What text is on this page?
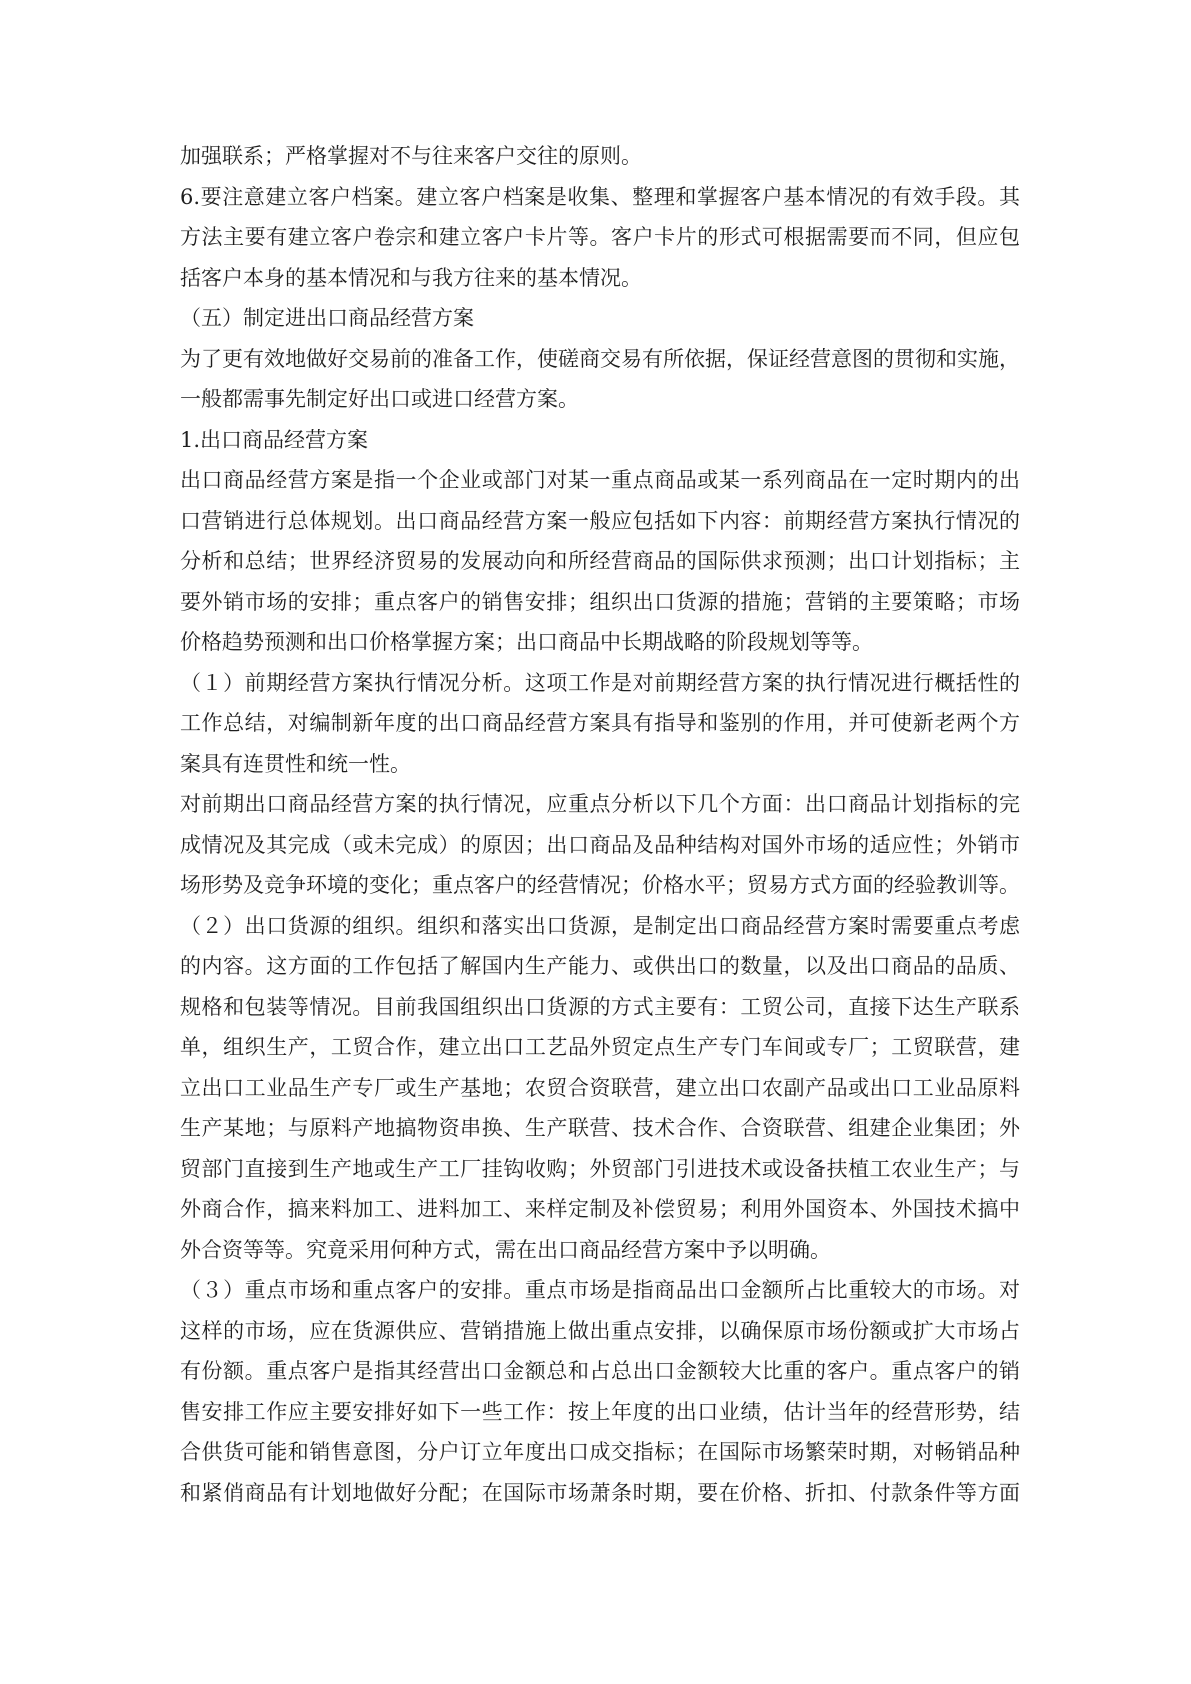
加强联系；严格掌握对不与往来客户交往的原则。
6.要注意建立客户档案。建立客户档案是收集、整理和掌握客户基本情况的有效手段。其
方法主要有建立客户卷宗和建立客户卡片等。客户卡片的形式可根据需要而不同，但应包
括客户本身的基本情况和与我方往来的基本情况。
（五）制定进出口商品经营方案
为了更有效地做好交易前的准备工作，使磋商交易有所依据，保证经营意图的贯彻和实施，
一般都需事先制定好出口或进口经营方案。
1.出口商品经营方案
出口商品经营方案是指一个企业或部门对某一重点商品或某一系列商品在一定时期内的出
口营销进行总体规划。出口商品经营方案一般应包括如下内容：前期经营方案执行情况的
分析和总结；世界经济贸易的发展动向和所经营商品的国际供求预测；出口计划指标；主
要外销市场的安排；重点客户的销售安排；组织出口货源的措施；营销的主要策略；市场
价格趋势预测和出口价格掌握方案；出口商品中长期战略的阶段规划等等。
（１）前期经营方案执行情况分析。这项工作是对前期经营方案的执行情况进行概括性的
工作总结，对编制新年度的出口商品经营方案具有指导和鉴别的作用，并可使新老两个方
案具有连贯性和统一性。
对前期出口商品经营方案的执行情况，应重点分析以下几个方面：出口商品计划指标的完
成情况及其完成（或未完成）的原因；出口商品及品种结构对国外市场的适应性；外销市
场形势及竞争环境的变化；重点客户的经营情况；价格水平；贸易方式方面的经验教训等。
（２）出口货源的组织。组织和落实出口货源，是制定出口商品经营方案时需要重点考虑
的内容。这方面的工作包括了解国内生产能力、或供出口的数量，以及出口商品的品质、
规格和包装等情况。目前我国组织出口货源的方式主要有：工贸公司，直接下达生产联系
单，组织生产，工贸合作，建立出口工艺品外贸定点生产专门车间或专厂；工贸联营，建
立出口工业品生产专厂或生产基地；农贸合资联营，建立出口农副产品或出口工业品原料
生产某地；与原料产地搞物资串换、生产联营、技术合作、合资联营、组建企业集团；外
贸部门直接到生产地或生产工厂挂钩收购；外贸部门引进技术或设备扶植工农业生产；与
外商合作，搞来料加工、进料加工、来样定制及补偿贸易；利用外国资本、外国技术搞中
外合资等等。究竟采用何种方式，需在出口商品经营方案中予以明确。
（３）重点市场和重点客户的安排。重点市场是指商品出口金额所占比重较大的市场。对
这样的市场，应在货源供应、营销措施上做出重点安排，以确保原市场份额或扩大市场占
有份额。重点客户是指其经营出口金额总和占总出口金额较大比重的客户。重点客户的销
售安排工作应主要安排好如下一些工作：按上年度的出口业绩，估计当年的经营形势，结
合供货可能和销售意图，分户订立年度出口成交指标；在国际市场繁荣时期，对畅销品种
和紧俏商品有计划地做好分配；在国际市场萧条时期，要在价格、折扣、付款条件等方面
